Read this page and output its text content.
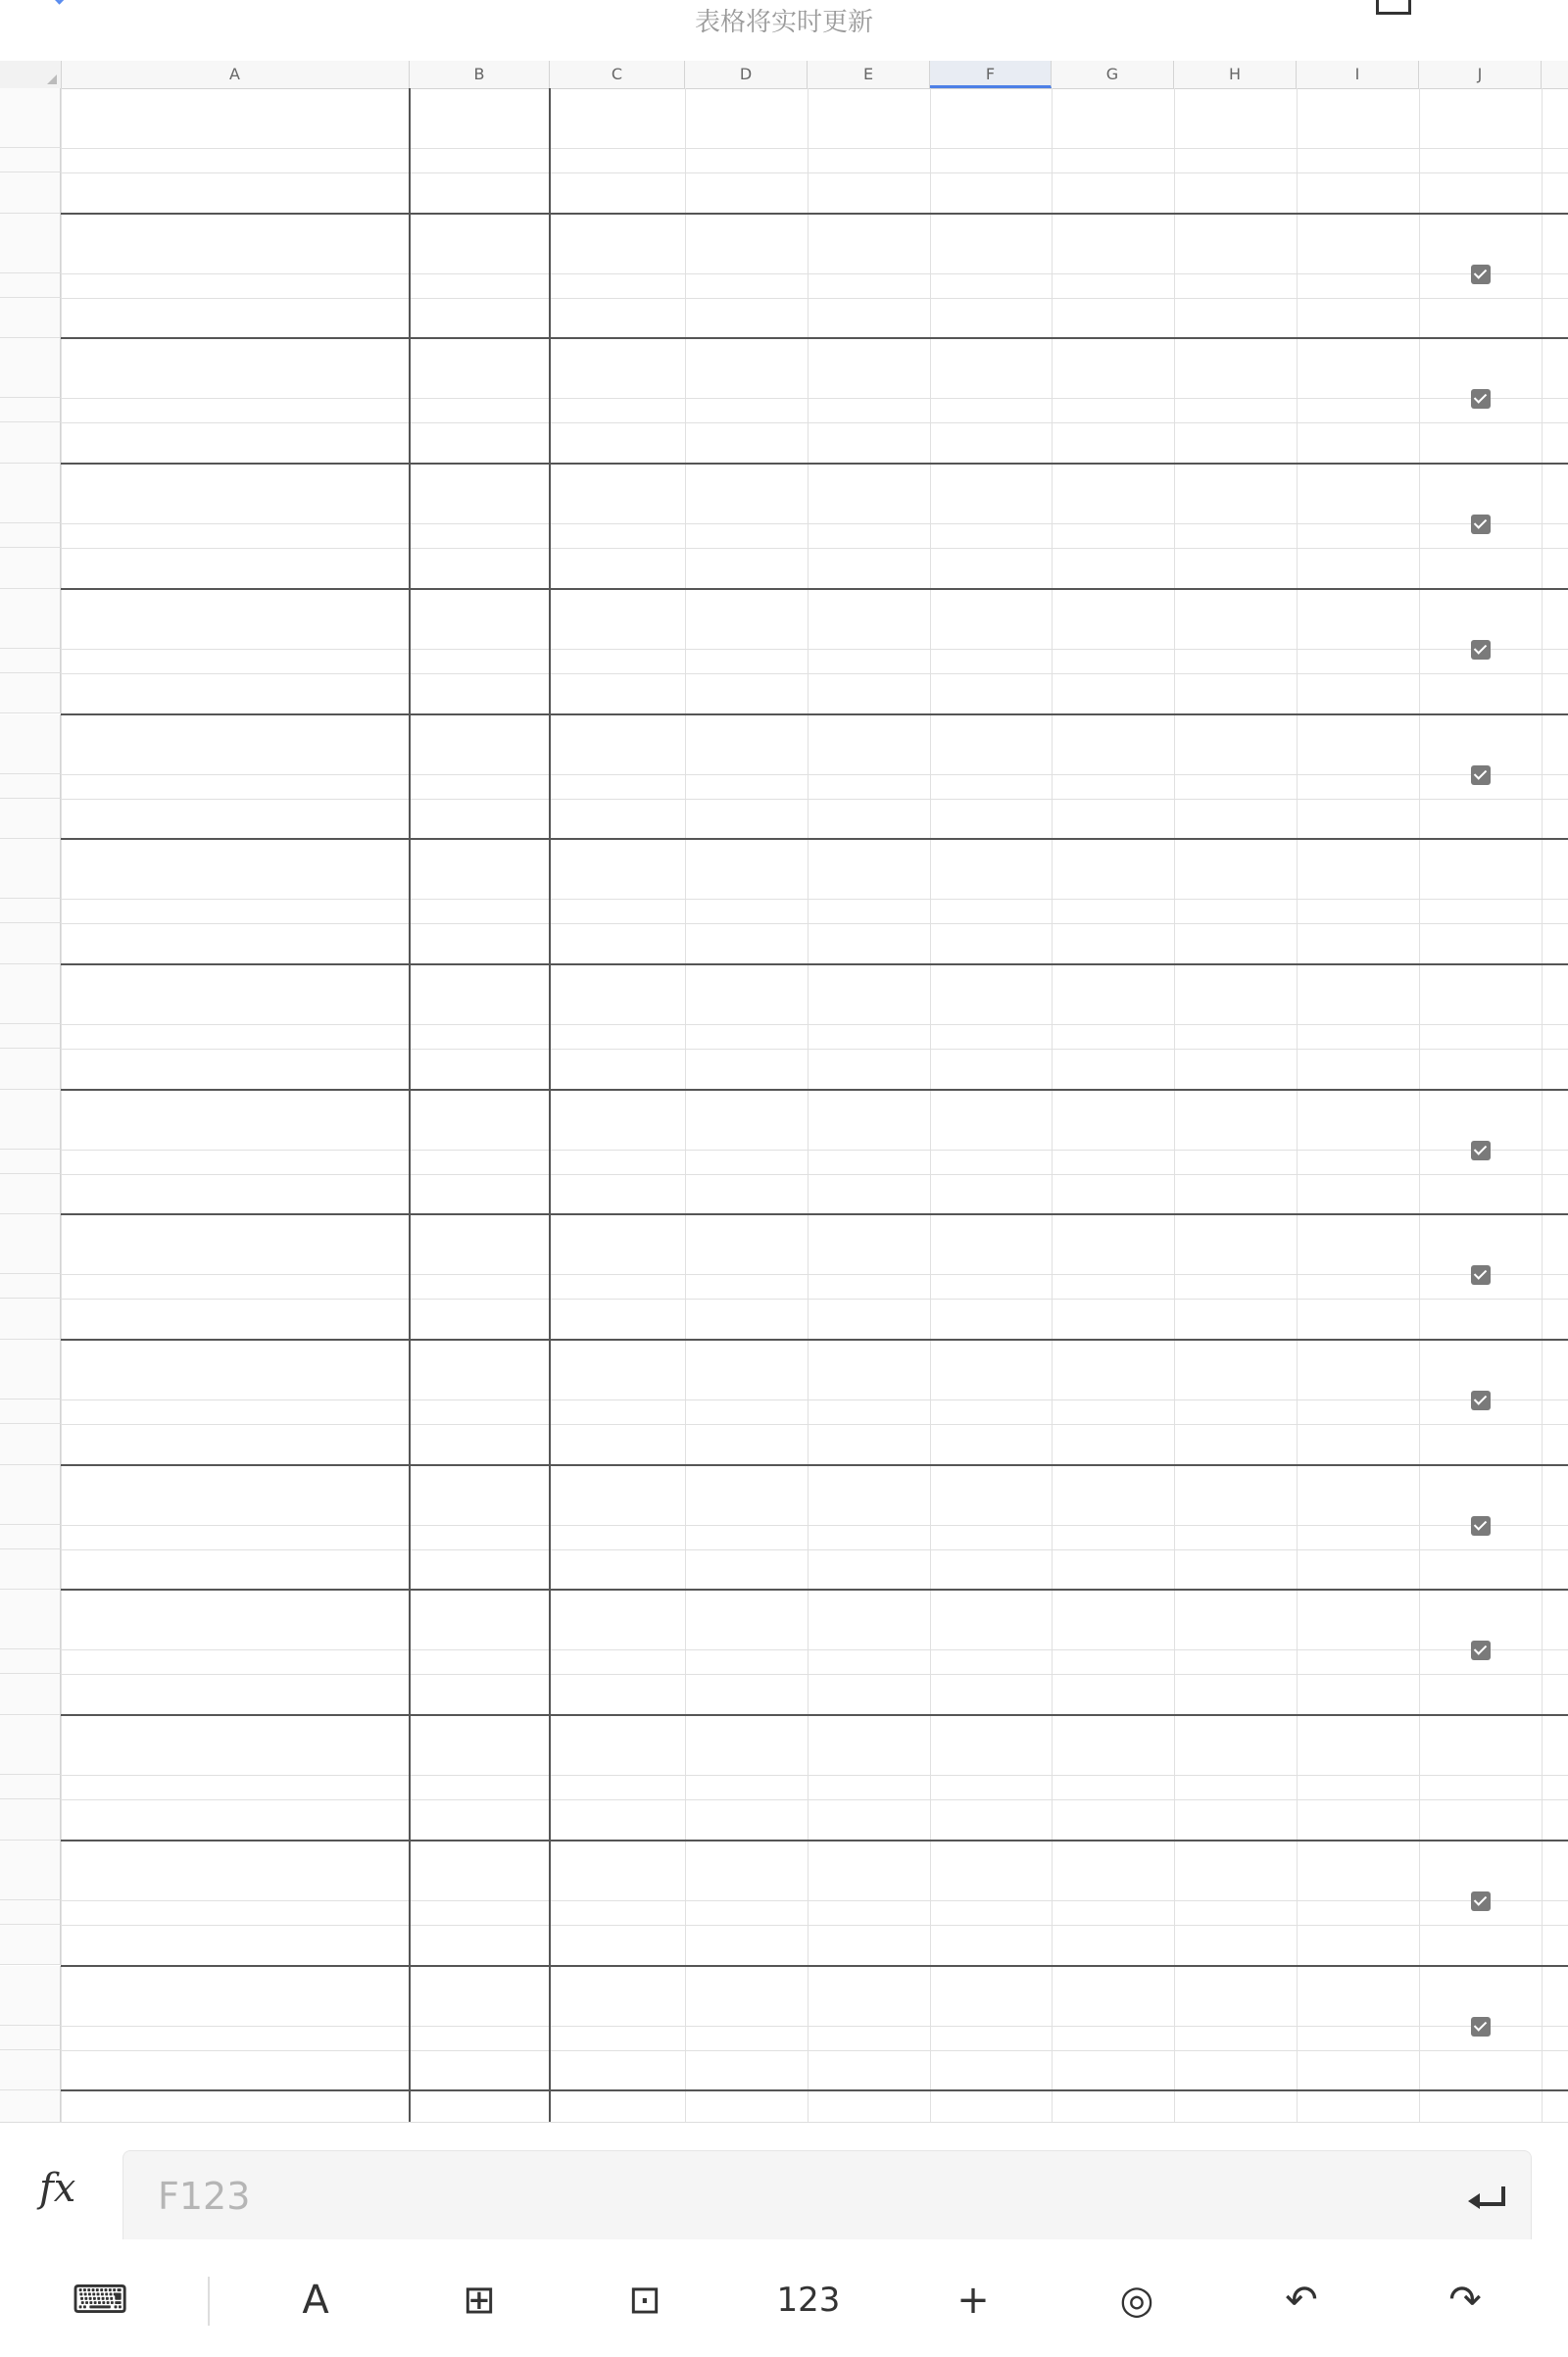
表格将实时更新
A	B	C	D	E	F	G	H	I	J
fx F123
⌨	A	⊞	⊡	123	+	◎	↶	↷
